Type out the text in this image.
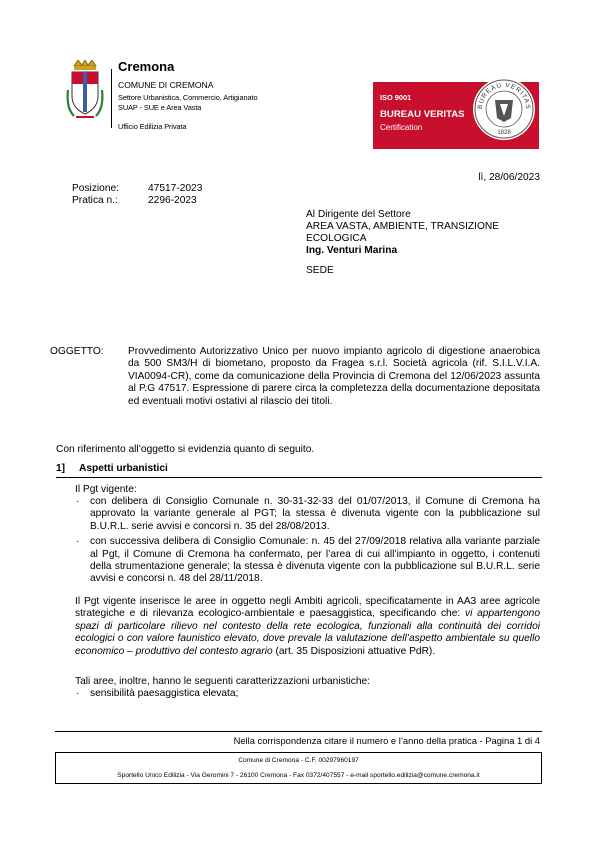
Cremona
COMUNE DI CREMONA
Settore Urbanistica, Commercio, Artigianato
SUAP - SUE e Area Vasta
Ufficio Edilizia Privata
ISO 9001
BUREAU VERITAS
Certification
BUREAU VERITAS
1828
lì, 28/06/2023
Posizione:	47517-2023
Pratica n.:	2296-2023
Al Dirigente del Settore
AREA VASTA, AMBIENTE, TRANSIZIONE
ECOLOGICA
Ing. Venturi Marina
SEDE
OGGETTO: Provvedimento Autorizzativo Unico per nuovo impianto agricolo di digestione anaerobica da 500 SM3/H di biometano, proposto da Fragea s.r.l. Società agricola (rif. S.I.L.V.I.A. VIA0094-CR), come da comunicazione della Provincia di Cremona del 12/06/2023 assunta al P.G 47517. Espressione di parere circa la completezza della documentazione depositata ed eventuali motivi ostativi al rilascio dei titoli.
Con riferimento all’oggetto si evidenzia quanto di seguito.
1] Aspetti urbanistici
Il Pgt vigente:
· con delibera di Consiglio Comunale n. 30-31-32-33 del 01/07/2013, il Comune di Cremona ha approvato la variante generale al PGT; la stessa è divenuta vigente con la pubblicazione sul B.U.R.L. serie avvisi e concorsi n. 35 del 28/08/2013.
· con successiva delibera di Consiglio Comunale: n. 45 del 27/09/2018 relativa alla variante parziale al Pgt, il Comune di Cremona ha confermato, per l’area di cui all’impianto in oggetto, i contenuti della strumentazione generale; la stessa è divenuta vigente con la pubblicazione sul B.U.R.L. serie avvisi e concorsi n. 48 del 28/11/2018.
Il Pgt vigente inserisce le aree in oggetto negli Ambiti agricoli, specificatamente in AA3 aree agricole strategiche e di rilevanza ecologico-ambientale e paesaggistica, specificando che: vi appartengono spazi di particolare rilievo nel contesto della rete ecologica, funzionali alla continuità dei corridoi ecologici o con valore faunistico elevato, dove prevale la valutazione dell’aspetto ambientale su quello economico – produttivo del contesto agrario (art. 35 Disposizioni attuative PdR).
Tali aree, inoltre, hanno le seguenti caratterizzazioni urbanistiche:
· sensibilità paesaggistica elevata;
Nella corrispondenza citare il numero e l’anno della pratica - Pagina 1 di 4
Comune di Cremona - C.F. 00297960197
Sportello Unico Edilizia - Via Geromini 7 - 26100 Cremona - Fax 0372/407557 - e-mail sportello.edilizia@comune.cremona.it
